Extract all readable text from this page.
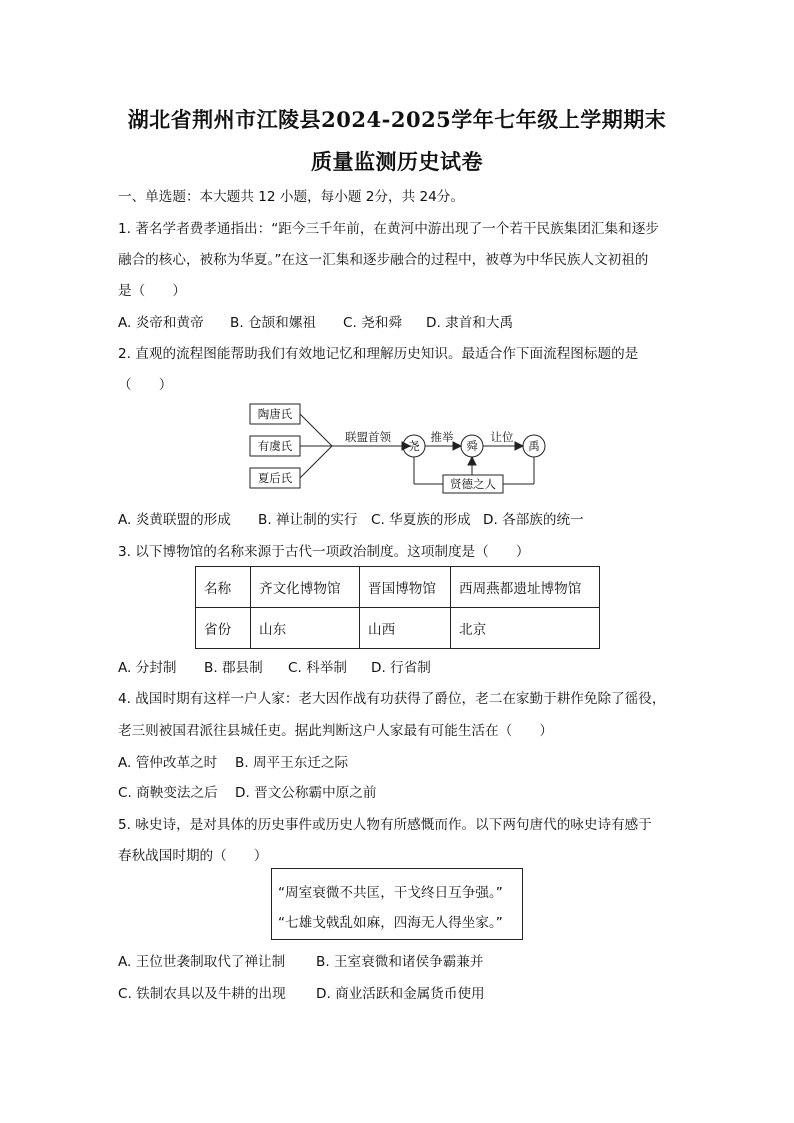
湖北省荆州市江陵县2024-2025学年七年级上学期期末
质量监测历史试卷
一、单选题：本大题共 12 小题，每小题 2分，共 24分。
1. 著名学者费孝通指出：“距今三千年前，在黄河中游出现了一个若干民族集团汇集和逐步
融合的核心，被称为华夏。”在这一汇集和逐步融合的过程中，被尊为中华民族人文初祖的
是（　　）
A. 炎帝和黄帝 B. 仓颉和嫘祖 C. 尧和舜 D. 隶首和大禹
2. 直观的流程图能帮助我们有效地记忆和理解历史知识。最适合作下面流程图标题的是
（　　）
陶唐氏
有虞氏
夏后氏
联盟首领	推举	让位
尧	舜	禹
贤德之人
A. 炎黄联盟的形成 B. 禅让制的实行 C. 华夏族的形成 D. 各部族的统一
3. 以下博物馆的名称来源于古代一项政治制度。这项制度是（　　）
名称	齐文化博物馆	晋国博物馆	西周燕都遗址博物馆
省份	山东	山西	北京
A. 分封制 B. 郡县制 C. 科举制 D. 行省制
4. 战国时期有这样一户人家：老大因作战有功获得了爵位，老二在家勤于耕作免除了徭役，
老三则被国君派往县城任吏。据此判断这户人家最有可能生活在（　　）
A. 管仲改革之时 B. 周平王东迁之际
C. 商鞅变法之后 D. 晋文公称霸中原之前
5. 咏史诗，是对具体的历史事件或历史人物有所感慨而作。以下两句唐代的咏史诗有感于
春秋战国时期的（　　）
“周室衰微不共匡，干戈终日互争强。”
“七雄戈戟乱如麻，四海无人得坐家。”
A. 王位世袭制取代了禅让制 B. 王室衰微和诸侯争霸兼并
C. 铁制农具以及牛耕的出现 D. 商业活跃和金属货币使用
